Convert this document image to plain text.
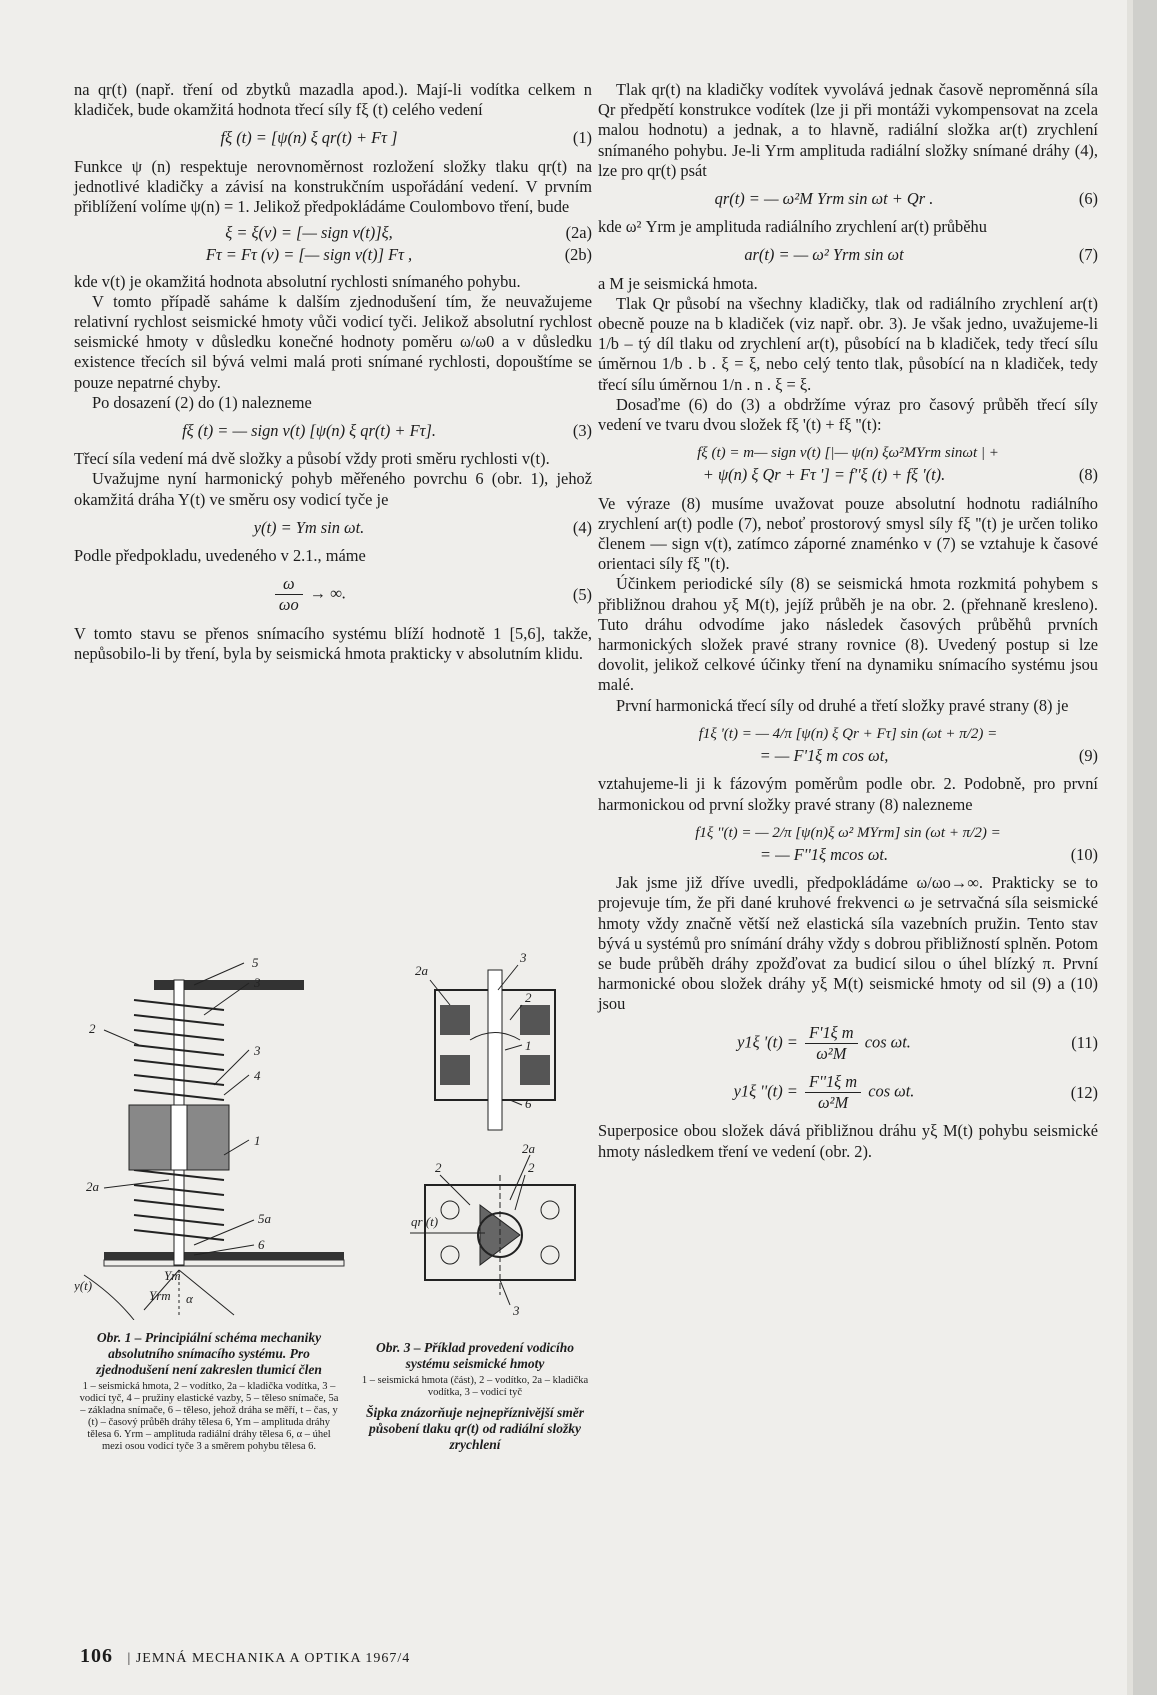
na qr(t) (např. tření od zbytků mazadla apod.). Mají-li vodítka celkem n kladiček, bude okamžitá hodnota třecí síly fξ (t) celého vedení

fξ (t) = [ψ(n) ξ qr(t) + Fτ ]	(1)

Funkce ψ (n) respektuje nerovnoměrnost rozložení složky tlaku qr(t) na jednotlivé kladičky a závisí na konstrukčním uspořádání vedení. V prvním přiblížení volíme ψ(n) = 1. Jelikož předpokládáme Coulombovo tření, bude

ξ = ξ(v) = [— sign v(t)]ξ,	(2a)
Fτ = Fτ (v) = [— sign v(t)] Fτ ,	(2b)

kde v(t) je okamžitá hodnota absolutní rychlosti snímaného pohybu.

V tomto případě saháme k dalším zjednodušení tím, že neuvažujeme relativní rychlost seismické hmoty vůči vodicí tyči. Jelikož absolutní rychlost seismické hmoty v důsledku konečné hodnoty poměru ω/ω0 a v důsledku existence třecích sil bývá velmi malá proti snímané rychlosti, dopouštíme se pouze nepatrné chyby.

Po dosazení (2) do (1) nalezneme

fξ (t) = — sign v(t) [ψ(n) ξ qr(t) + Fτ].	(3)

Třecí síla vedení má dvě složky a působí vždy proti směru rychlosti v(t).

Uvažujme nyní harmonický pohyb měřeného povrchu 6 (obr. 1), jehož okamžitá dráha Y(t) ve směru osy vodicí tyče je

y(t) = Ym sin ωt.	(4)

Podle předpokladu, uvedeného v 2.1., máme

$\frac{\omega}{\omega o}$ → ∞.	(5)

V tomto stavu se přenos snímacího systému blíží hodnotě 1 [5,6], takže, nepůsobilo-li by tření, byla by seismická hmota prakticky v absolutním klidu.

5
3
2
3
1
4
2a
5a
6
Ym
Yrm α
y(t)
Obr. 1 – Principiální schéma mechaniky absolutního snímacího systému. Pro zjednodušení není zakreslen tlumicí člen
1 – seismická hmota, 2 – vodítko, 2a – kladička vodítka, 3 – vodicí tyč, 4 – pružiny elastické vazby, 5 – těleso snímače, 5a – základna snímače, 6 – těleso, jehož dráha se měří, t – čas, y (t) – časový průběh dráhy tělesa 6, Ym – amplituda dráhy tělesa 6. Yrm – amplituda radiální dráhy tělesa 6, α – úhel mezi osou vodicí tyče 3 a směrem pohybu tělesa 6.
3
2a
2
1
6
2a
2	2
qr (t)
3
Obr. 3 – Příklad provedení vodicího systému seismické hmoty
1 – seismická hmota (část), 2 – vodítko, 2a – kladička vodítka, 3 – vodicí tyč
Šipka znázorňuje nejnepříznivější směr působení tlaku qr(t) od radiální složky zrychlení

Tlak qr(t) na kladičky vodítek vyvolává jednak časově neproměnná síla Qr předpětí konstrukce vodítek (lze ji při montáži vykompensovat na zcela malou hodnotu) a jednak, a to hlavně, radiální složka ar(t) zrychlení snímaného pohybu. Je-li Yrm amplituda radiální složky snímané dráhy (4), lze pro qr(t) psát

qr(t) = — ω²M Yrm sin ωt + Qr .	(6)

kde ω² Yrm je amplituda radiálního zrychlení ar(t) průběhu

ar(t) = — ω² Yrm sin ωt	(7)

a M je seismická hmota.

Tlak Qr působí na všechny kladičky, tlak od radiálního zrychlení ar(t) obecně pouze na b kladiček (viz např. obr. 3). Je však jedno, uvažujeme-li 1/b – tý díl tlaku od zrychlení ar(t), působící na b kladiček, tedy třecí sílu úměrnou 1/b . b . ξ = ξ, nebo celý tento tlak, působící na n kladiček, tedy třecí sílu úměrnou 1/n . n . ξ = ξ.

Dosaďme (6) do (3) a obdržíme výraz pro časový průběh třecí síly vedení ve tvaru dvou složek fξ '(t) + fξ ''(t):

fξ (t) = m— sign v(t) [|— ψ(n) ξω²MYrm sinωt | +
+ ψ(n) ξ Qr + Fτ '] = f''ξ (t) + fξ '(t).	(8)

Ve výraze (8) musíme uvažovat pouze absolutní hodnotu radiálního zrychlení ar(t) podle (7), neboť prostorový smysl síly fξ ''(t) je určen toliko členem — sign v(t), zatímco záporné znaménko v (7) se vztahuje k časové orientaci síly fξ ''(t).

Účinkem periodické síly (8) se seismická hmota rozkmitá pohybem s přibližnou drahou yξ M(t), jejíž průběh je na obr. 2. (přehnaně kresleno). Tuto dráhu odvodíme jako následek časových průběhů prvních harmonických složek pravé strany rovnice (8). Uvedený postup si lze dovolit, jelikož celkové účinky tření na dynamiku snímacího systému jsou malé.

První harmonická třecí síly od druhé a třetí složky pravé strany (8) je

f1ξ '(t) = — 4/π [ψ(n) ξ Qr + Fτ] sin (ωt + π/2) =
= — F'1ξ m cos ωt,	(9)

vztahujeme-li ji k fázovým poměrům podle obr. 2. Podobně, pro první harmonickou od první složky pravé strany (8) nalezneme

f1ξ ''(t) = — 2/π [ψ(n)ξ ω² MYrm] sin (ωt + π/2) =
= — F''1ξ mcos ωt.	(10)

Jak jsme již dříve uvedli, předpokládáme ω/ωo→∞. Prakticky se to projevuje tím, že při dané kruhové frekvenci ω je setrvačná síla seismické hmoty vždy značně větší než elastická síla vazebních pružin. Tento stav bývá u systémů pro snímání dráhy vždy s dobrou přibližností splněn. Potom se bude průběh dráhy zpožďovat za budicí silou o úhel blízký π. První harmonické obou složek dráhy yξ M(t) seismické hmoty od sil (9) a (10) jsou

y1ξ '$(t) = \frac{\text{F'1ξ m}}{\text{ω²M}}$ cos ωt.	(11)
y1ξ ''$(t) = \frac{\text{F''1ξ m}}{\text{ω²M}}$ cos ωt.	(12)

Superposice obou složek dává přibližnou dráhu yξ M(t) pohybu seismické hmoty následkem tření ve vedení (obr. 2).

106 | JEMNÁ MECHANIKA A OPTIKA 1967/4
